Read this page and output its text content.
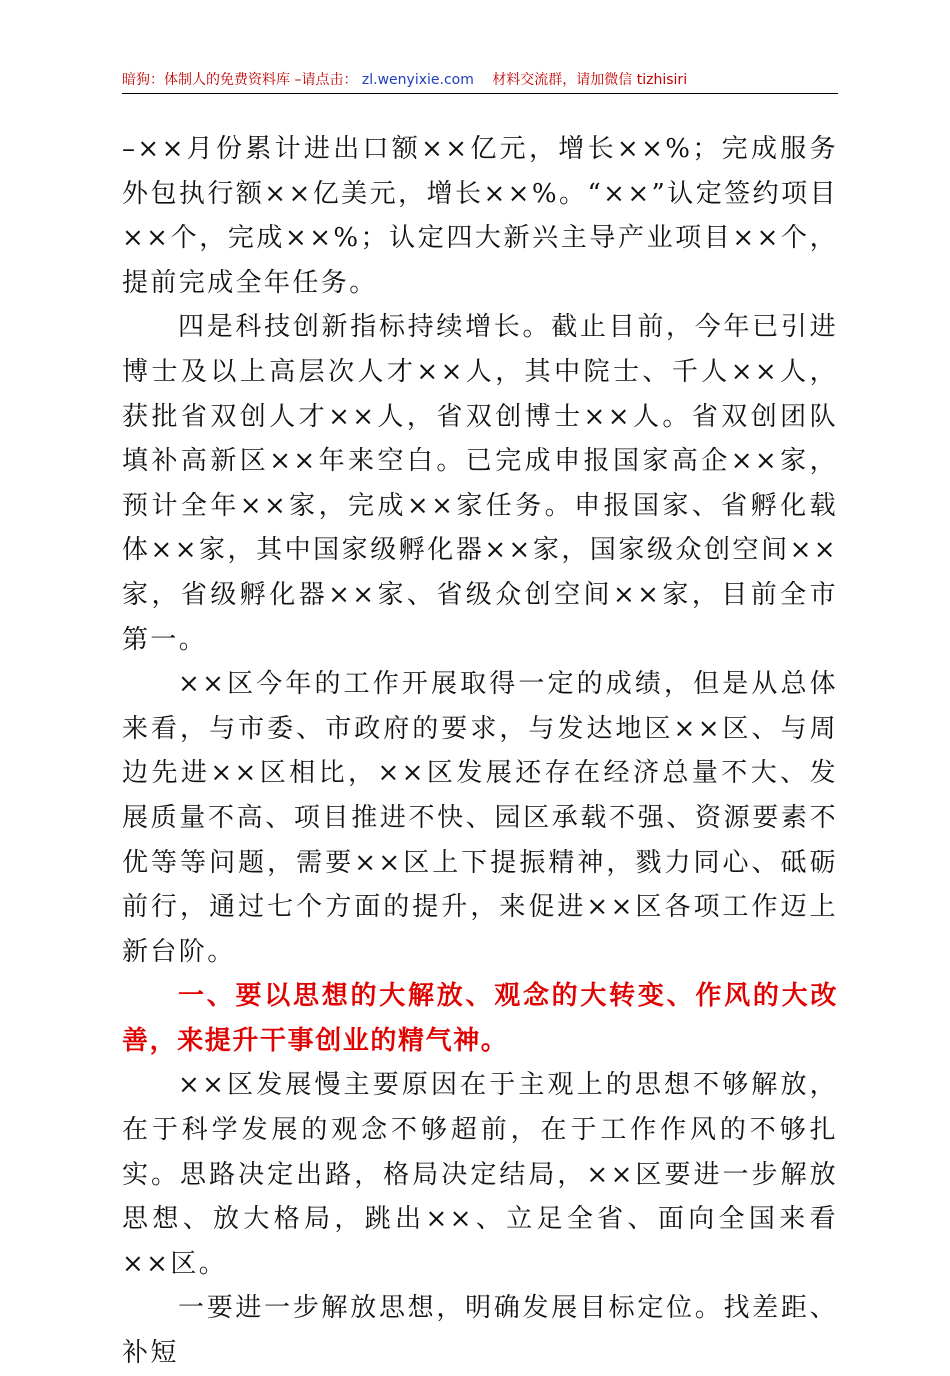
暗狗：体制人的免费资料库 –请点击： zl.wenyixie.com 材料交流群，请加微信 tizhisiri

–××月份累计进出口额××亿元，增长××%；完成服务外包执行额××亿美元，增长××%。“××”认定签约项目××个，完成××%；认定四大新兴主导产业项目××个，提前完成全年任务。

四是科技创新指标持续增长。截止目前，今年已引进博士及以上高层次人才××人，其中院士、千人××人，获批省双创人才××人，省双创博士××人。省双创团队填补高新区××年来空白。已完成申报国家高企××家，预计全年××家，完成××家任务。申报国家、省孵化载体××家，其中国家级孵化器××家，国家级众创空间××家，省级孵化器××家、省级众创空间××家，目前全市第一。

××区今年的工作开展取得一定的成绩，但是从总体来看，与市委、市政府的要求，与发达地区××区、与周边先进××区相比，××区发展还存在经济总量不大、发展质量不高、项目推进不快、园区承载不强、资源要素不优等等问题，需要××区上下提振精神，戮力同心、砥砺前行，通过七个方面的提升，来促进××区各项工作迈上新台阶。

一、要以思想的大解放、观念的大转变、作风的大改善，来提升干事创业的精气神。

××区发展慢主要原因在于主观上的思想不够解放，在于科学发展的观念不够超前，在于工作作风的不够扎实。思路决定出路，格局决定结局，××区要进一步解放思想、放大格局，跳出××、立足全省、面向全国来看××区。

一要进一步解放思想，明确发展目标定位。找差距、补短
